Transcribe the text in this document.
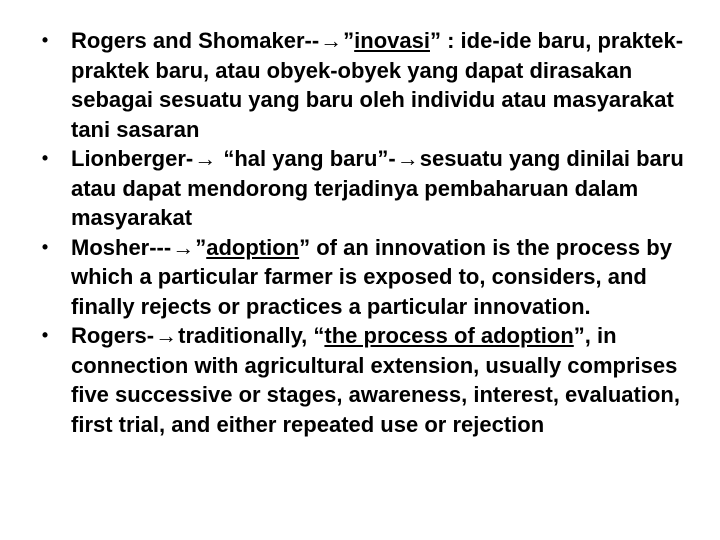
• Rogers and Shomaker--→”inovasi” : ide-ide baru, praktek-praktek baru, atau obyek-obyek yang dapat dirasakan sebagai sesuatu yang baru oleh individu atau masyarakat tani sasaran
• Lionberger-→ “hal yang baru”-→sesuatu yang dinilai baru atau dapat mendorong terjadinya pembaharuan dalam masyarakat
• Mosher---→”adoption” of an innovation is the process by which a particular farmer is exposed to, considers, and finally rejects or practices a particular innovation.
• Rogers-→traditionally, “the process of adoption”, in connection with agricultural extension, usually comprises five successive or stages, awareness, interest, evaluation, first trial, and either repeated use or rejection
